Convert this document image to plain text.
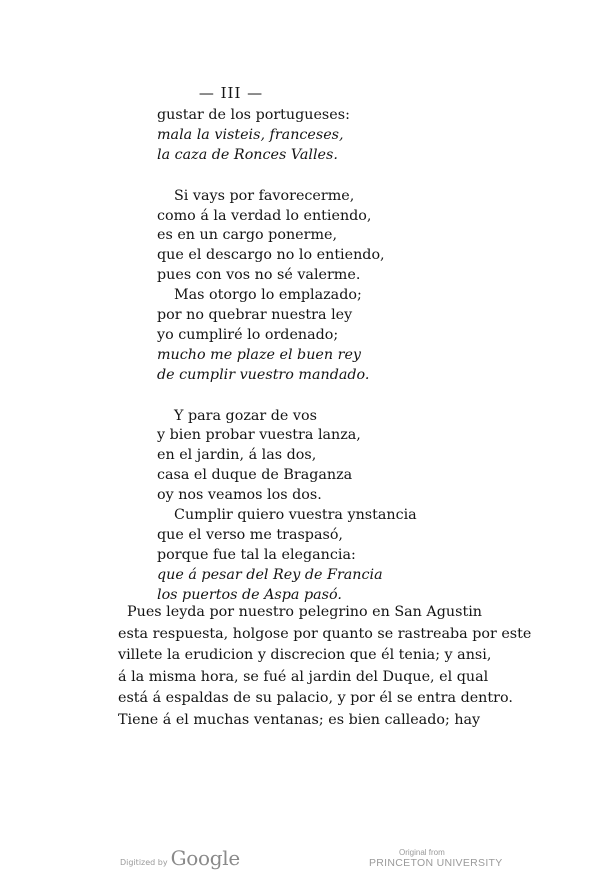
— III —
gustar de los portugueses:
mala la visteis, franceses,
la caza de Ronces Valles.
Si vays por favorecerme,
como á la verdad lo entiendo,
es en un cargo ponerme,
que el descargo no lo entiendo,
pues con vos no sé valerme.
Mas otorgo lo emplazado;
por no quebrar nuestra ley
yo cumpliré lo ordenado;
mucho me plaze el buen rey
de cumplir vuestro mandado.
Y para gozar de vos
y bien probar vuestra lanza,
en el jardin, á las dos,
casa el duque de Braganza
oy nos veamos los dos.
Cumplir quiero vuestra ynstancia
que el verso me traspasó,
porque fue tal la elegancia:
que á pesar del Rey de Francia
los puertos de Aspa pasó.
Pues leyda por nuestro pelegrino en San Agustin
esta respuesta, holgose por quanto se rastreaba por este
villete la erudicion y discrecion que él tenia; y ansi,
á la misma hora, se fué al jardin del Duque, el qual
está á espaldas de su palacio, y por él se entra dentro.
Tiene á el muchas ventanas; es bien calleado; hay
Digitized by Google	Original from
PRINCETON UNIVERSITY
